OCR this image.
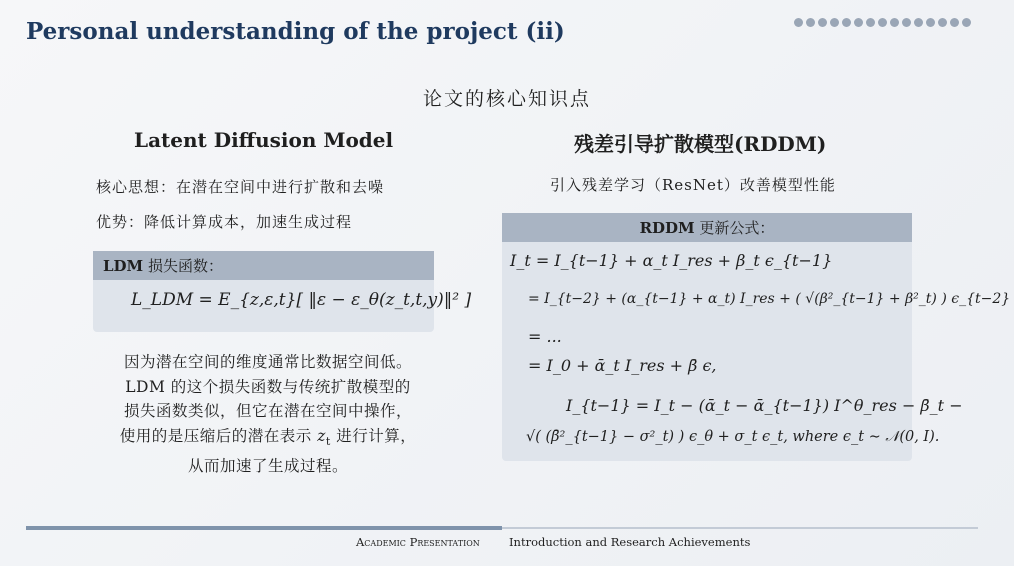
Personal understanding of the project (ii)
论文的核心知识点
Latent Diffusion Model
核心思想：在潜在空间中进行扩散和去噪
优势：降低计算成本，加速生成过程
LDM 损失函数：
L_LDM = E_{z,ε,t}[ ‖ε − ε_θ(z_t,t,y)‖² ]
因为潜在空间的维度通常比数据空间低。
LDM 的这个损失函数与传统扩散模型的
损失函数类似，但它在潜在空间中操作，
使用的是压缩后的潜在表示 $z_t$ 进行计算，
从而加速了生成过程。
残差引导扩散模型(RDDM)
引入残差学习（ResNet）改善模型性能
RDDM 更新公式：
I_t = I_{t−1} + α_t I_res + β_t ϵ_{t−1}
= I_{t−2} + (α_{t−1} + α_t) I_res + ( √(β²_{t−1} + β²_t) ) ϵ_{t−2}
= ...
= I_0 + ᾱ_t I_res + β̄ ϵ,
I_{t−1} = I_t − (ᾱ_t − ᾱ_{t−1}) I^θ_res − β̄_t −
√( (β̄²_{t−1} − σ²_t) ) ϵ_θ + σ_t ϵ_t, where ϵ_t ∼ 𝒩(0, I).
Academic Presentation	Introduction and Research Achievements
